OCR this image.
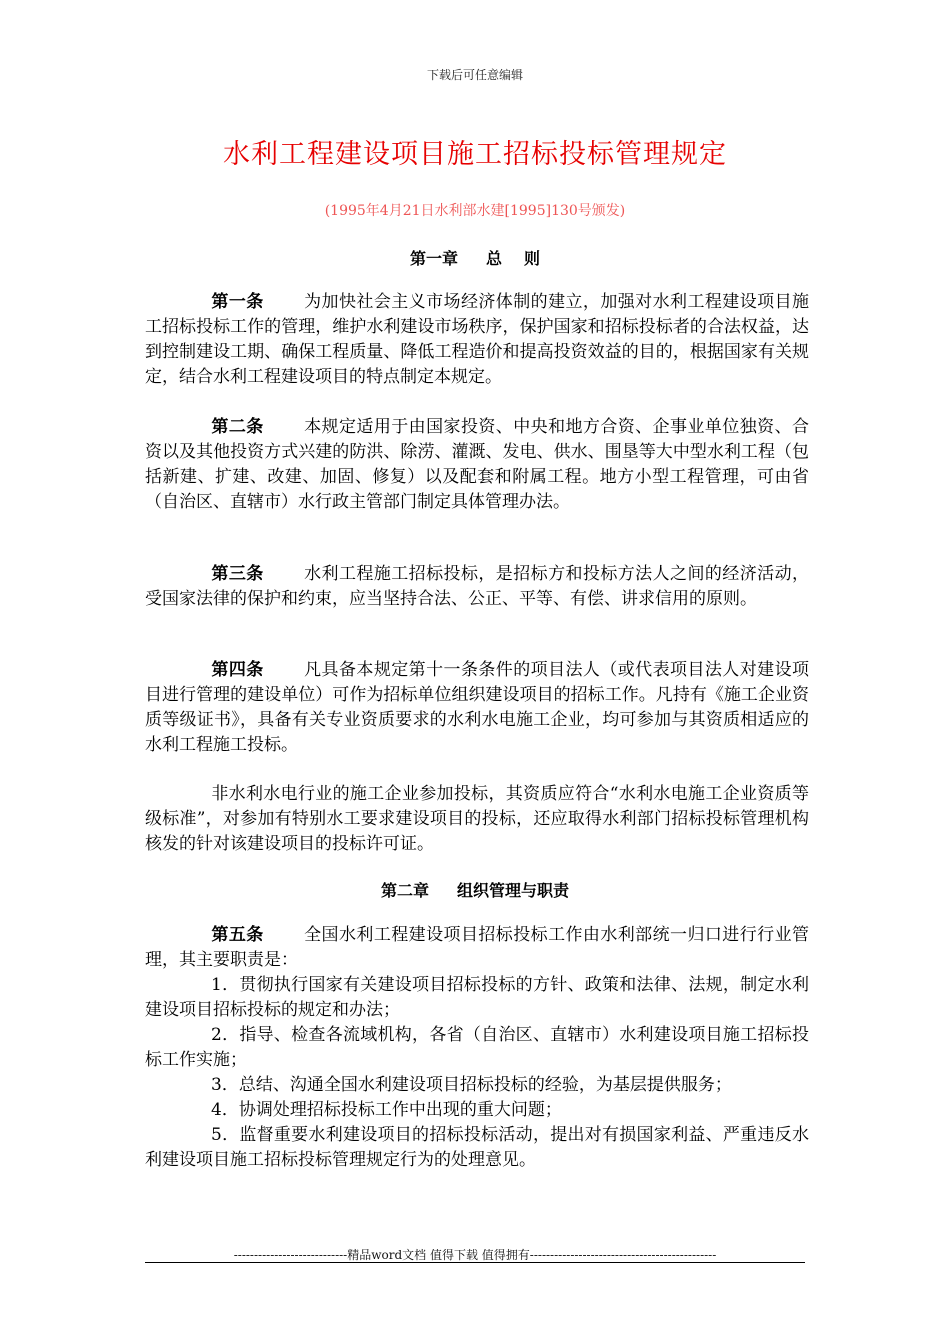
下载后可任意编辑
水利工程建设项目施工招标投标管理规定
(1995年4月21日水利部水建[1995]130号颁发)
第一章 总 则
第一条 为加快社会主义市场经济体制的建立，加强对水利工程建设项目施工招标投标工作的管理，维护水利建设市场秩序，保护国家和招标投标者的合法权益，达到控制建设工期、确保工程质量、降低工程造价和提高投资效益的目的，根据国家有关规定，结合水利工程建设项目的特点制定本规定。
第二条 本规定适用于由国家投资、中央和地方合资、企事业单位独资、合资以及其他投资方式兴建的防洪、除涝、灌溉、发电、供水、围垦等大中型水利工程（包括新建、扩建、改建、加固、修复）以及配套和附属工程。地方小型工程管理，可由省（自治区、直辖市）水行政主管部门制定具体管理办法。
第三条 水利工程施工招标投标，是招标方和投标方法人之间的经济活动，受国家法律的保护和约束，应当坚持合法、公正、平等、有偿、讲求信用的原则。
第四条 凡具备本规定第十一条条件的项目法人（或代表项目法人对建设项目进行管理的建设单位）可作为招标单位组织建设项目的招标工作。凡持有《施工企业资质等级证书》，具备有关专业资质要求的水利水电施工企业，均可参加与其资质相适应的水利工程施工投标。
非水利水电行业的施工企业参加投标，其资质应符合“水利水电施工企业资质等级标准”，对参加有特别水工要求建设项目的投标，还应取得水利部门招标投标管理机构核发的针对该建设项目的投标许可证。
第二章 组织管理与职责
第五条 全国水利工程建设项目招标投标工作由水利部统一归口进行行业管理，其主要职责是：
1．贯彻执行国家有关建设项目招标投标的方针、政策和法律、法规，制定水利建设项目招标投标的规定和办法；
2．指导、检查各流域机构，各省（自治区、直辖市）水利建设项目施工招标投标工作实施；
3．总结、沟通全国水利建设项目招标投标的经验，为基层提供服务；
4．协调处理招标投标工作中出现的重大问题；
5．监督重要水利建设项目的招标投标活动，提出对有损国家利益、严重违反水利建设项目施工招标投标管理规定行为的处理意见。
----------------------------精品word文档 值得下载 值得拥有----------------------------------------------
